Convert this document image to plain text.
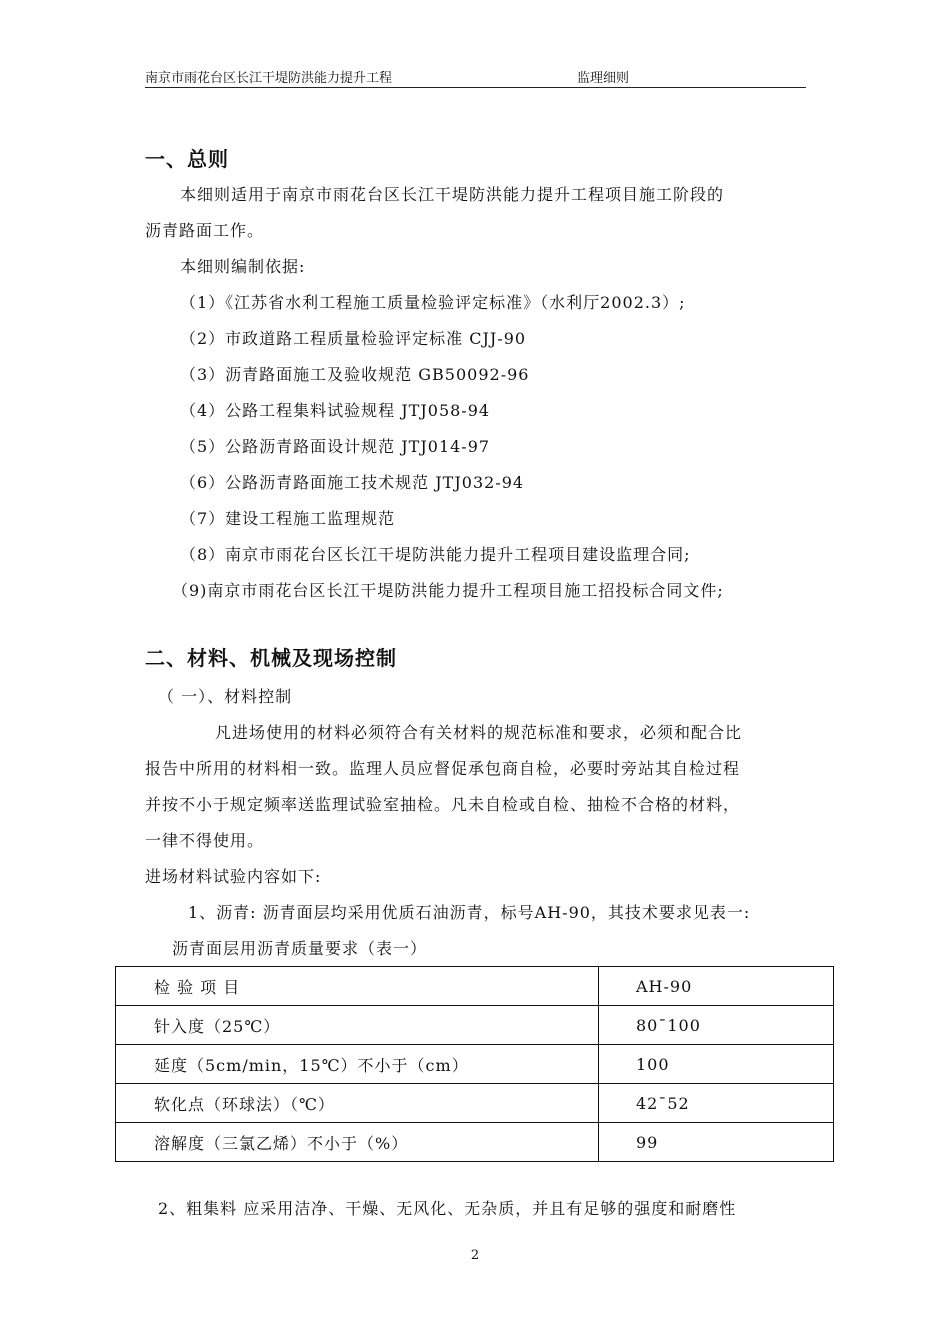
南京市雨花台区长江干堤防洪能力提升工程	监理细则
一、总则
本细则适用于南京市雨花台区长江干堤防洪能力提升工程项目施工阶段的
沥青路面工作。
本细则编制依据:
（1）《江苏省水利工程施工质量检验评定标准》（水利厅2002.3）;
（2）市政道路工程质量检验评定标准 CJJ-90
（3）沥青路面施工及验收规范 GB50092-96
（4）公路工程集料试验规程 JTJ058-94
（5）公路沥青路面设计规范 JTJ014-97
（6）公路沥青路面施工技术规范 JTJ032-94
（7）建设工程施工监理规范
（8）南京市雨花台区长江干堤防洪能力提升工程项目建设监理合同;
（9)南京市雨花台区长江干堤防洪能力提升工程项目施工招投标合同文件;
二、材料、机械及现场控制
（ 一）、材料控制
凡进场使用的材料必须符合有关材料的规范标准和要求，必须和配合比
报告中所用的材料相一致。监理人员应督促承包商自检，必要时旁站其自检过程
并按不小于规定频率送监理试验室抽检。凡未自检或自检、抽检不合格的材料，
一律不得使用。
进场材料试验内容如下:
1、沥青: 沥青面层均采用优质石油沥青，标号AH-90，其技术要求见表一:
沥青面层用沥青质量要求（表一）
检 验 项 目	AH-90
针入度（25℃）	80¯100
延度（5cm/min，15℃）不小于（cm）	100
软化点（环球法）（℃）	42¯52
溶解度（三氯乙烯）不小于（%）	99
2、粗集料 应采用洁净、干燥、无风化、无杂质，并且有足够的强度和耐磨性
2
